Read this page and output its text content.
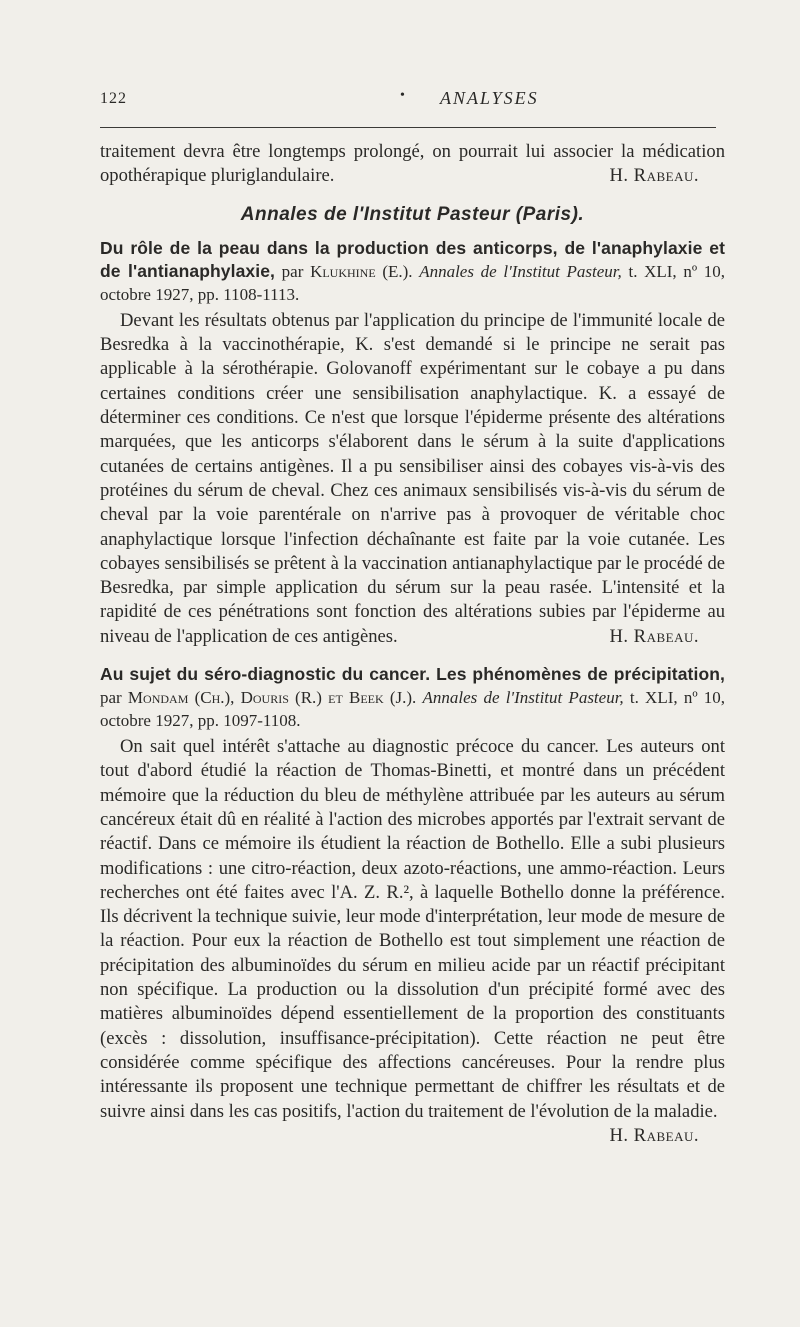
122	• ANALYSES

traitement devra être longtemps prolongé, on pourrait lui associer la médication opothérapique pluriglandulaire.	H. Rabeau.

Annales de l'Institut Pasteur (Paris).

Du rôle de la peau dans la production des anticorps, de l'anaphylaxie et de l'antianaphylaxie, par Klukhine (E.). Annales de l'Institut Pasteur, t. XLI, nº 10, octobre 1927, pp. 1108-1113.

Devant les résultats obtenus par l'application du principe de l'immunité locale de Besredka à la vaccinothérapie, K. s'est demandé si le principe ne serait pas applicable à la sérothérapie. Golovanoff expérimentant sur le cobaye a pu dans certaines conditions créer une sensibilisation anaphylactique. K. a essayé de déterminer ces conditions. Ce n'est que lorsque l'épiderme présente des altérations marquées, que les anticorps s'élaborent dans le sérum à la suite d'applications cutanées de certains antigènes. Il a pu sensibiliser ainsi des cobayes vis-à-vis des protéines du sérum de cheval. Chez ces animaux sensibilisés vis-à-vis du sérum de cheval par la voie parentérale on n'arrive pas à provoquer de véritable choc anaphylactique lorsque l'infection déchaînante est faite par la voie cutanée. Les cobayes sensibilisés se prêtent à la vaccination antianaphylactique par le procédé de Besredka, par simple application du sérum sur la peau rasée. L'intensité et la rapidité de ces pénétrations sont fonction des altérations subies par l'épiderme au niveau de l'application de ces antigènes.	H. Rabeau.

Au sujet du séro-diagnostic du cancer. Les phénomènes de précipitation, par Mondam (Ch.), Douris (R.) et Beek (J.). Annales de l'Institut Pasteur, t. XLI, nº 10, octobre 1927, pp. 1097-1108.

On sait quel intérêt s'attache au diagnostic précoce du cancer. Les auteurs ont tout d'abord étudié la réaction de Thomas-Binetti, et montré dans un précédent mémoire que la réduction du bleu de méthylène attribuée par les auteurs au sérum cancéreux était dû en réalité à l'action des microbes apportés par l'extrait servant de réactif. Dans ce mémoire ils étudient la réaction de Bothello. Elle a subi plusieurs modifications : une citro-réaction, deux azoto-réactions, une ammo-réaction. Leurs recherches ont été faites avec l'A. Z. R.², à laquelle Bothello donne la préférence. Ils décrivent la technique suivie, leur mode d'interprétation, leur mode de mesure de la réaction. Pour eux la réaction de Bothello est tout simplement une réaction de précipitation des albuminoïdes du sérum en milieu acide par un réactif précipitant non spécifique. La production ou la dissolution d'un précipité formé avec des matières albuminoïdes dépend essentiellement de la proportion des constituants (excès : dissolution, insuffisance-précipitation). Cette réaction ne peut être considérée comme spécifique des affections cancéreuses. Pour la rendre plus intéressante ils proposent une technique permettant de chiffrer les résultats et de suivre ainsi dans les cas positifs, l'action du traitement de l'évolution de la maladie.
H. Rabeau.
